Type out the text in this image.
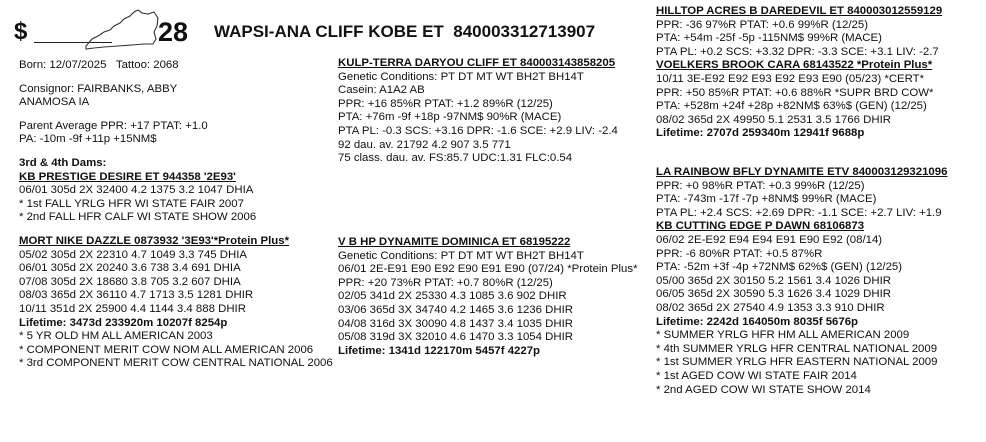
$	28 WAPSI-ANA CLIFF KOBE ET 840003312713907
Born: 12/07/2025 Tattoo: 2068
Consignor: FAIRBANKS, ABBY
ANAMOSA IA
Parent Average PPR: +17 PTAT: +1.0
PA: -10m -9f +11p +15NM$
3rd & 4th Dams:
KB PRESTIGE DESIRE ET 944358 '2E93'
06/01 305d 2X 32400 4.2 1375 3.2 1047 DHIA
* 1st FALL YRLG HFR WI STATE FAIR 2007
* 2nd FALL HFR CALF WI STATE SHOW 2006
MORT NIKE DAZZLE 0873932 '3E93'*Protein Plus*
05/02 305d 2X 22310 4.7 1049 3.3 745 DHIA
06/01 305d 2X 20240 3.6 738 3.4 691 DHIA
07/08 305d 2X 18680 3.8 705 3.2 607 DHIA
08/03 365d 2X 36110 4.7 1713 3.5 1281 DHIR
10/11 351d 2X 25900 4.4 1144 3.4 888 DHIR
Lifetime: 3473d 233920m 10207f 8254p
* 5 YR OLD HM ALL AMERICAN 2003
* COMPONENT MERIT COW NOM ALL AMERICAN 2006
* 3rd COMPONENT MERIT COW CENTRAL NATIONAL 2006
KULP-TERRA DARYOU CLIFF ET 840003143858205
Genetic Conditions: PT DT MT WT BH2T BH14T
Casein: A1A2 AB
PPR: +16 85%R PTAT: +1.2 89%R (12/25)
PTA: +76m -9f +18p -97NM$ 90%R (MACE)
PTA PL: -0.3 SCS: +3.16 DPR: -1.6 SCE: +2.9 LIV: -2.4
92 dau. av. 21792 4.2 907 3.5 771
75 class. dau. av. FS:85.7 UDC:1.31 FLC:0.54
V B HP DYNAMITE DOMINICA ET 68195222
Genetic Conditions: PT DT MT WT BH2T BH14T
06/01 2E-E91 E90 E92 E90 E91 E90 (07/24) *Protein Plus*
PPR: +20 73%R PTAT: +0.7 80%R (12/25)
02/05 341d 2X 25330 4.3 1085 3.6 902 DHIR
03/06 365d 3X 34740 4.2 1465 3.6 1236 DHIR
04/08 316d 3X 30090 4.8 1437 3.4 1035 DHIR
05/08 319d 3X 32010 4.6 1470 3.3 1054 DHIR
Lifetime: 1341d 122170m 5457f 4227p
HILLTOP ACRES B DAREDEVIL ET 840003012559129
PPR: -36 97%R PTAT: +0.6 99%R (12/25)
PTA: +54m -25f -5p -115NM$ 99%R (MACE)
PTA PL: +0.2 SCS: +3.32 DPR: -3.3 SCE: +3.1 LIV: -2.7
VOELKERS BROOK CARA 68143522 *Protein Plus*
10/11 3E-E92 E92 E93 E92 E93 E90 (05/23) *CERT*
PPR: +50 85%R PTAT: +0.6 88%R *SUPR BRD COW*
PTA: +528m +24f +28p +82NM$ 63%$ (GEN) (12/25)
08/02 365d 2X 49950 5.1 2531 3.5 1766 DHIR
Lifetime: 2707d 259340m 12941f 9688p
LA RAINBOW BFLY DYNAMITE ETV 840003129321096
PPR: +0 98%R PTAT: +0.3 99%R (12/25)
PTA: -743m -17f -7p +8NM$ 99%R (MACE)
PTA PL: +2.4 SCS: +2.69 DPR: -1.1 SCE: +2.7 LIV: +1.9
KB CUTTING EDGE P DAWN 68106873
06/02 2E-E92 E94 E94 E91 E90 E92 (08/14)
PPR: -6 80%R PTAT: +0.5 87%R
PTA: -52m +3f -4p +72NM$ 62%$ (GEN) (12/25)
05/00 365d 2X 30150 5.2 1561 3.4 1026 DHIR
06/05 365d 2X 30590 5.3 1626 3.4 1029 DHIR
08/02 365d 2X 27540 4.9 1353 3.3 910 DHIR
Lifetime: 2242d 164050m 8035f 5676p
* SUMMER YRLG HFR HM ALL AMERICAN 2009
* 4th SUMMER YRLG HFR CENTRAL NATIONAL 2009
* 1st SUMMER YRLG HFR EASTERN NATIONAL 2009
* 1st AGED COW WI STATE FAIR 2014
* 2nd AGED COW WI STATE SHOW 2014
